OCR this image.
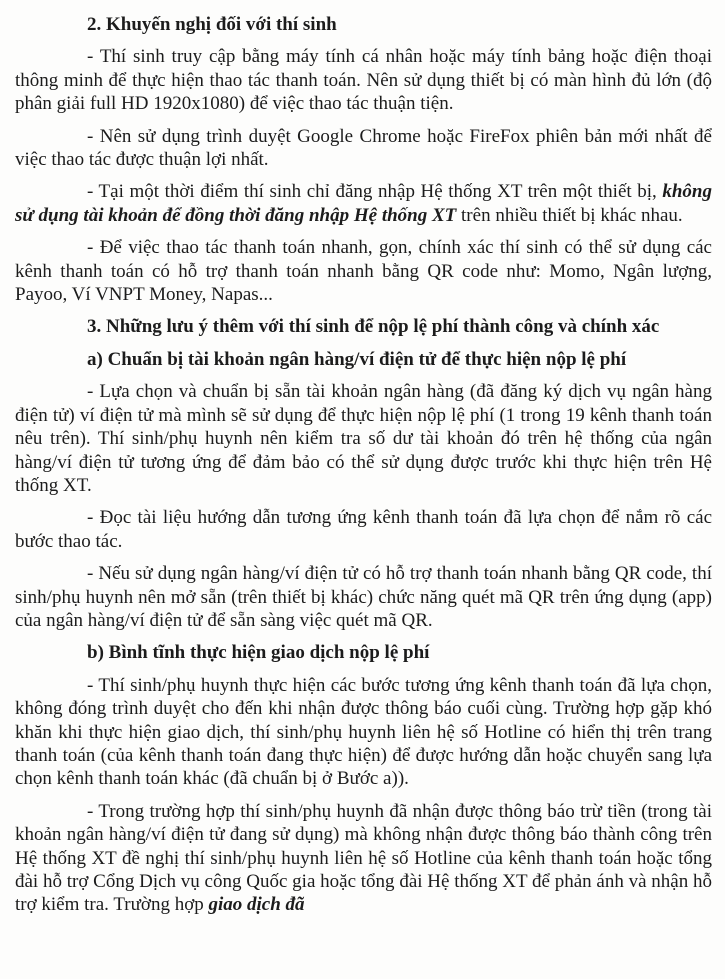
2. Khuyến nghị đối với thí sinh

- Thí sinh truy cập bằng máy tính cá nhân hoặc máy tính bảng hoặc điện thoại thông minh để thực hiện thao tác thanh toán. Nên sử dụng thiết bị có màn hình đủ lớn (độ phân giải full HD 1920x1080) để việc thao tác thuận tiện.

- Nên sử dụng trình duyệt Google Chrome hoặc FireFox phiên bản mới nhất để việc thao tác được thuận lợi nhất.

- Tại một thời điểm thí sinh chỉ đăng nhập Hệ thống XT trên một thiết bị, không sử dụng tài khoản để đồng thời đăng nhập Hệ thống XT trên nhiều thiết bị khác nhau.

- Để việc thao tác thanh toán nhanh, gọn, chính xác thí sinh có thể sử dụng các kênh thanh toán có hỗ trợ thanh toán nhanh bằng QR code như: Momo, Ngân lượng, Payoo, Ví VNPT Money, Napas...

3. Những lưu ý thêm với thí sinh để nộp lệ phí thành công và chính xác

a) Chuẩn bị tài khoản ngân hàng/ví điện tử để thực hiện nộp lệ phí

- Lựa chọn và chuẩn bị sẵn tài khoản ngân hàng (đã đăng ký dịch vụ ngân hàng điện tử) ví điện tử mà mình sẽ sử dụng để thực hiện nộp lệ phí (1 trong 19 kênh thanh toán nêu trên). Thí sinh/phụ huynh nên kiểm tra số dư tài khoản đó trên hệ thống của ngân hàng/ví điện tử tương ứng để đảm bảo có thể sử dụng được trước khi thực hiện trên Hệ thống XT.

- Đọc tài liệu hướng dẫn tương ứng kênh thanh toán đã lựa chọn để nắm rõ các bước thao tác.

- Nếu sử dụng ngân hàng/ví điện tử có hỗ trợ thanh toán nhanh bằng QR code, thí sinh/phụ huynh nên mở sẵn (trên thiết bị khác) chức năng quét mã QR trên ứng dụng (app) của ngân hàng/ví điện tử để sẵn sàng việc quét mã QR.

b) Bình tĩnh thực hiện giao dịch nộp lệ phí

- Thí sinh/phụ huynh thực hiện các bước tương ứng kênh thanh toán đã lựa chọn, không đóng trình duyệt cho đến khi nhận được thông báo cuối cùng. Trường hợp gặp khó khăn khi thực hiện giao dịch, thí sinh/phụ huynh liên hệ số Hotline có hiển thị trên trang thanh toán (của kênh thanh toán đang thực hiện) để được hướng dẫn hoặc chuyển sang lựa chọn kênh thanh toán khác (đã chuẩn bị ở Bước a)).

- Trong trường hợp thí sinh/phụ huynh đã nhận được thông báo trừ tiền (trong tài khoản ngân hàng/ví điện tử đang sử dụng) mà không nhận được thông báo thành công trên Hệ thống XT đề nghị thí sinh/phụ huynh liên hệ số Hotline của kênh thanh toán hoặc tổng đài hỗ trợ Cổng Dịch vụ công Quốc gia hoặc tổng đài Hệ thống XT để phản ánh và nhận hỗ trợ kiểm tra. Trường hợp giao dịch đã
